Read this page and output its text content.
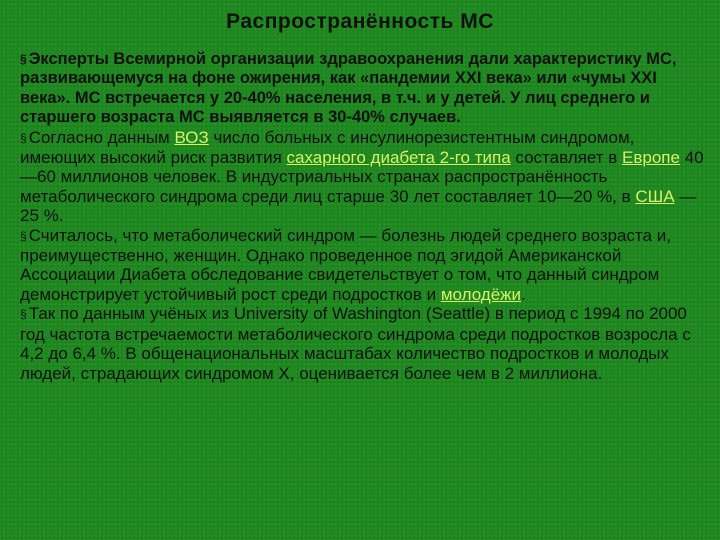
Распространённость МС

§ Эксперты Всемирной организации здравоохранения дали характеристику МС, развивающемуся на фоне ожирения, как «пандемии XXI века» или «чумы XXI века». МС встречается у 20-40% населения, в т.ч. и у детей. У лиц среднего и старшего возраста МС выявляется в 30-40% случаев.

§ Согласно данным ВОЗ число больных с инсулинорезистентным синдромом, имеющих высокий риск развития сахарного диабета 2-го типа составляет в Европе 40—60 миллионов человек. В индустриальных странах распространённость метаболического синдрома среди лиц старше 30 лет составляет 10—20 %, в США — 25 %.

§ Считалось, что метаболический синдром — болезнь людей среднего возраста и, преимущественно, женщин. Однако проведенное под эгидой Американской Ассоциации Диабета обследование свидетельствует о том, что данный синдром демонстрирует устойчивый рост среди подростков и молодёжи.

§ Так по данным учёных из University of Washington (Seattle) в период с 1994 по 2000 год частота встречаемости метаболического синдрома среди подростков возросла с 4,2 до 6,4 %. В общенациональных масштабах количество подростков и молодых людей, страдающих синдромом Х, оценивается более чем в 2 миллиона.
